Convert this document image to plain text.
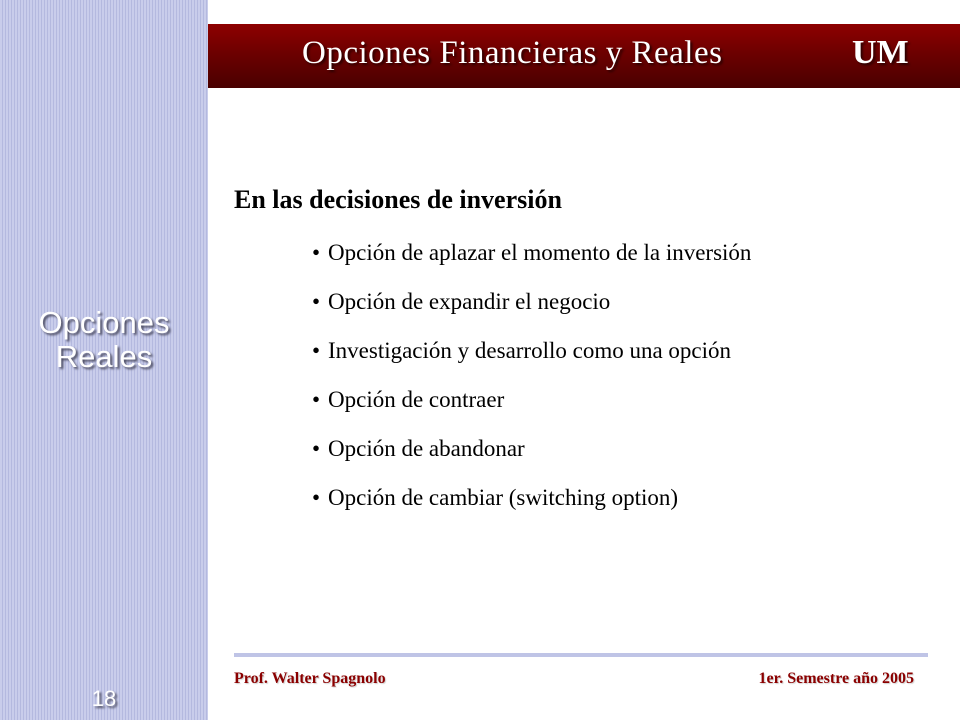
Opciones
Reales
18
Opciones Financieras y Reales	UM
En las decisiones de inversión
• Opción de aplazar el momento de la inversión
• Opción de expandir el negocio
• Investigación y desarrollo como una opción
• Opción de contraer
• Opción de abandonar
• Opción de cambiar (switching option)
Prof. Walter Spagnolo	1er. Semestre año 2005
